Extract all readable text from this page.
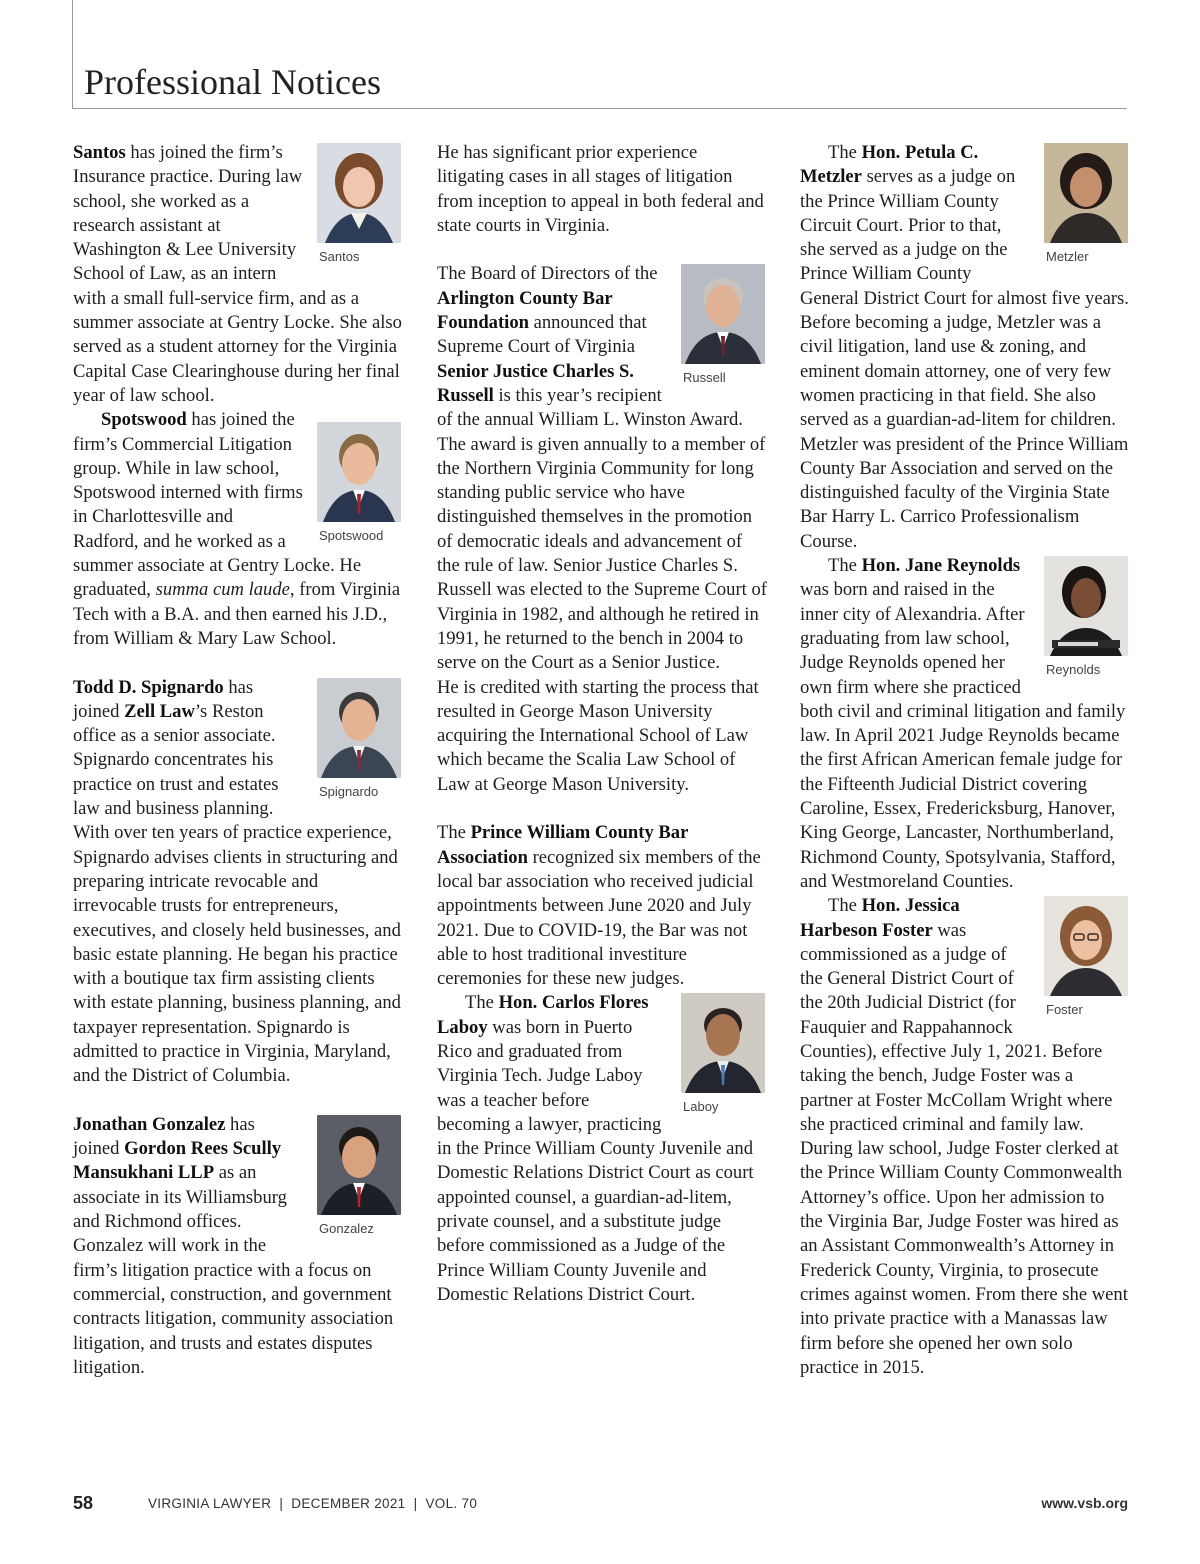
Professional Notices
Santos

Santos has joined the firm’s Insurance practice. During law school, she worked as a research assistant at Washington & Lee University School of Law, as an intern with a small full-service firm, and as a summer associate at Gentry Locke. She also served as a student attorney for the Virginia Capital Case Clearinghouse during her final year of law school.

Spotswood

Spotswood has joined the firm’s Commercial Litigation group. While in law school, Spotswood interned with firms in Charlottesville and Radford, and he worked as a summer associate at Gentry Locke. He graduated, summa cum laude, from Virginia Tech with a B.A. and then earned his J.D., from William & Mary Law School.

Spignardo

Todd D. Spignardo has joined Zell Law’s Reston office as a senior associate. Spignardo concentrates his practice on trust and estates law and business planning. With over ten years of practice experience, Spignardo advises clients in structuring and preparing intricate revocable and irrevocable trusts for entrepreneurs, executives, and closely held businesses, and basic estate planning. He began his practice with a boutique tax firm assisting clients with estate planning, business planning, and taxpayer representation. Spignardo is admitted to practice in Virginia, Maryland, and the District of Columbia.

Gonzalez

Jonathan Gonzalez has joined Gordon Rees Scully Mansukhani LLP as an associate in its Williamsburg and Richmond offices. Gonzalez will work in the firm’s litigation practice with a focus on commercial, construction, and government contracts litigation, community association litigation, and trusts and estates disputes litigation.

He has significant prior experience litigating cases in all stages of litigation from inception to appeal in both federal and state courts in Virginia.

Russell

The Board of Directors of the Arlington County Bar Foundation announced that Supreme Court of Virginia Senior Justice Charles S. Russell is this year’s recipient of the annual William L. Winston Award. The award is given annually to a member of the Northern Virginia Community for long standing public service who have distinguished themselves in the promotion of democratic ideals and advancement of the rule of law. Senior Justice Charles S. Russell was elected to the Supreme Court of Virginia in 1982, and although he retired in 1991, he returned to the bench in 2004 to serve on the Court as a Senior Justice.

He is credited with starting the process that resulted in George Mason University acquiring the International School of Law which became the Scalia Law School of Law at George Mason University.

The Prince William County Bar Association recognized six members of the local bar association who received judicial appointments between June 2020 and July 2021. Due to COVID-19, the Bar was not able to host traditional investiture ceremonies for these new judges.

Laboy

The Hon. Carlos Flores Laboy was born in Puerto Rico and graduated from Virginia Tech. Judge Laboy was a teacher before becoming a lawyer, practicing in the Prince William County Juvenile and Domestic Relations District Court as court appointed counsel, a guardian-ad-litem, private counsel, and a substitute judge before commissioned as a Judge of the Prince William County Juvenile and Domestic Relations District Court.

Metzler

The Hon. Petula C. Metzler serves as a judge on the Prince William County Circuit Court. Prior to that, she served as a judge on the Prince William County General District Court for almost five years. Before becoming a judge, Metzler was a civil litigation, land use & zoning, and eminent domain attorney, one of very few women practicing in that field. She also served as a guardian-ad-litem for children. Metzler was president of the Prince William County Bar Association and served on the distinguished faculty of the Virginia State Bar Harry L. Carrico Professionalism Course.

Reynolds

The Hon. Jane Reynolds was born and raised in the inner city of Alexandria. After graduating from law school, Judge Reynolds opened her own firm where she practiced both civil and criminal litigation and family law. In April 2021 Judge Reynolds became the first African American female judge for the Fifteenth Judicial District covering Caroline, Essex, Fredericksburg, Hanover, King George, Lancaster, Northumberland, Richmond County, Spotsylvania, Stafford, and Westmoreland Counties.

Foster

The Hon. Jessica Harbeson Foster was commissioned as a judge of the General District Court of the 20th Judicial District (for Fauquier and Rappahannock Counties), effective July 1, 2021. Before taking the bench, Judge Foster was a partner at Foster McCollam Wright where she practiced criminal and family law. During law school, Judge Foster clerked at the Prince William County Commonwealth Attorney’s office. Upon her admission to the Virginia Bar, Judge Foster was hired as an Assistant Commonwealth’s Attorney in Frederick County, Virginia, to prosecute crimes against women. From there she went into private practice with a Manassas law firm before she opened her own solo practice in 2015.

58	VIRGINIA LAWYER  |  DECEMBER 2021  |  VOL. 70	www.vsb.org
